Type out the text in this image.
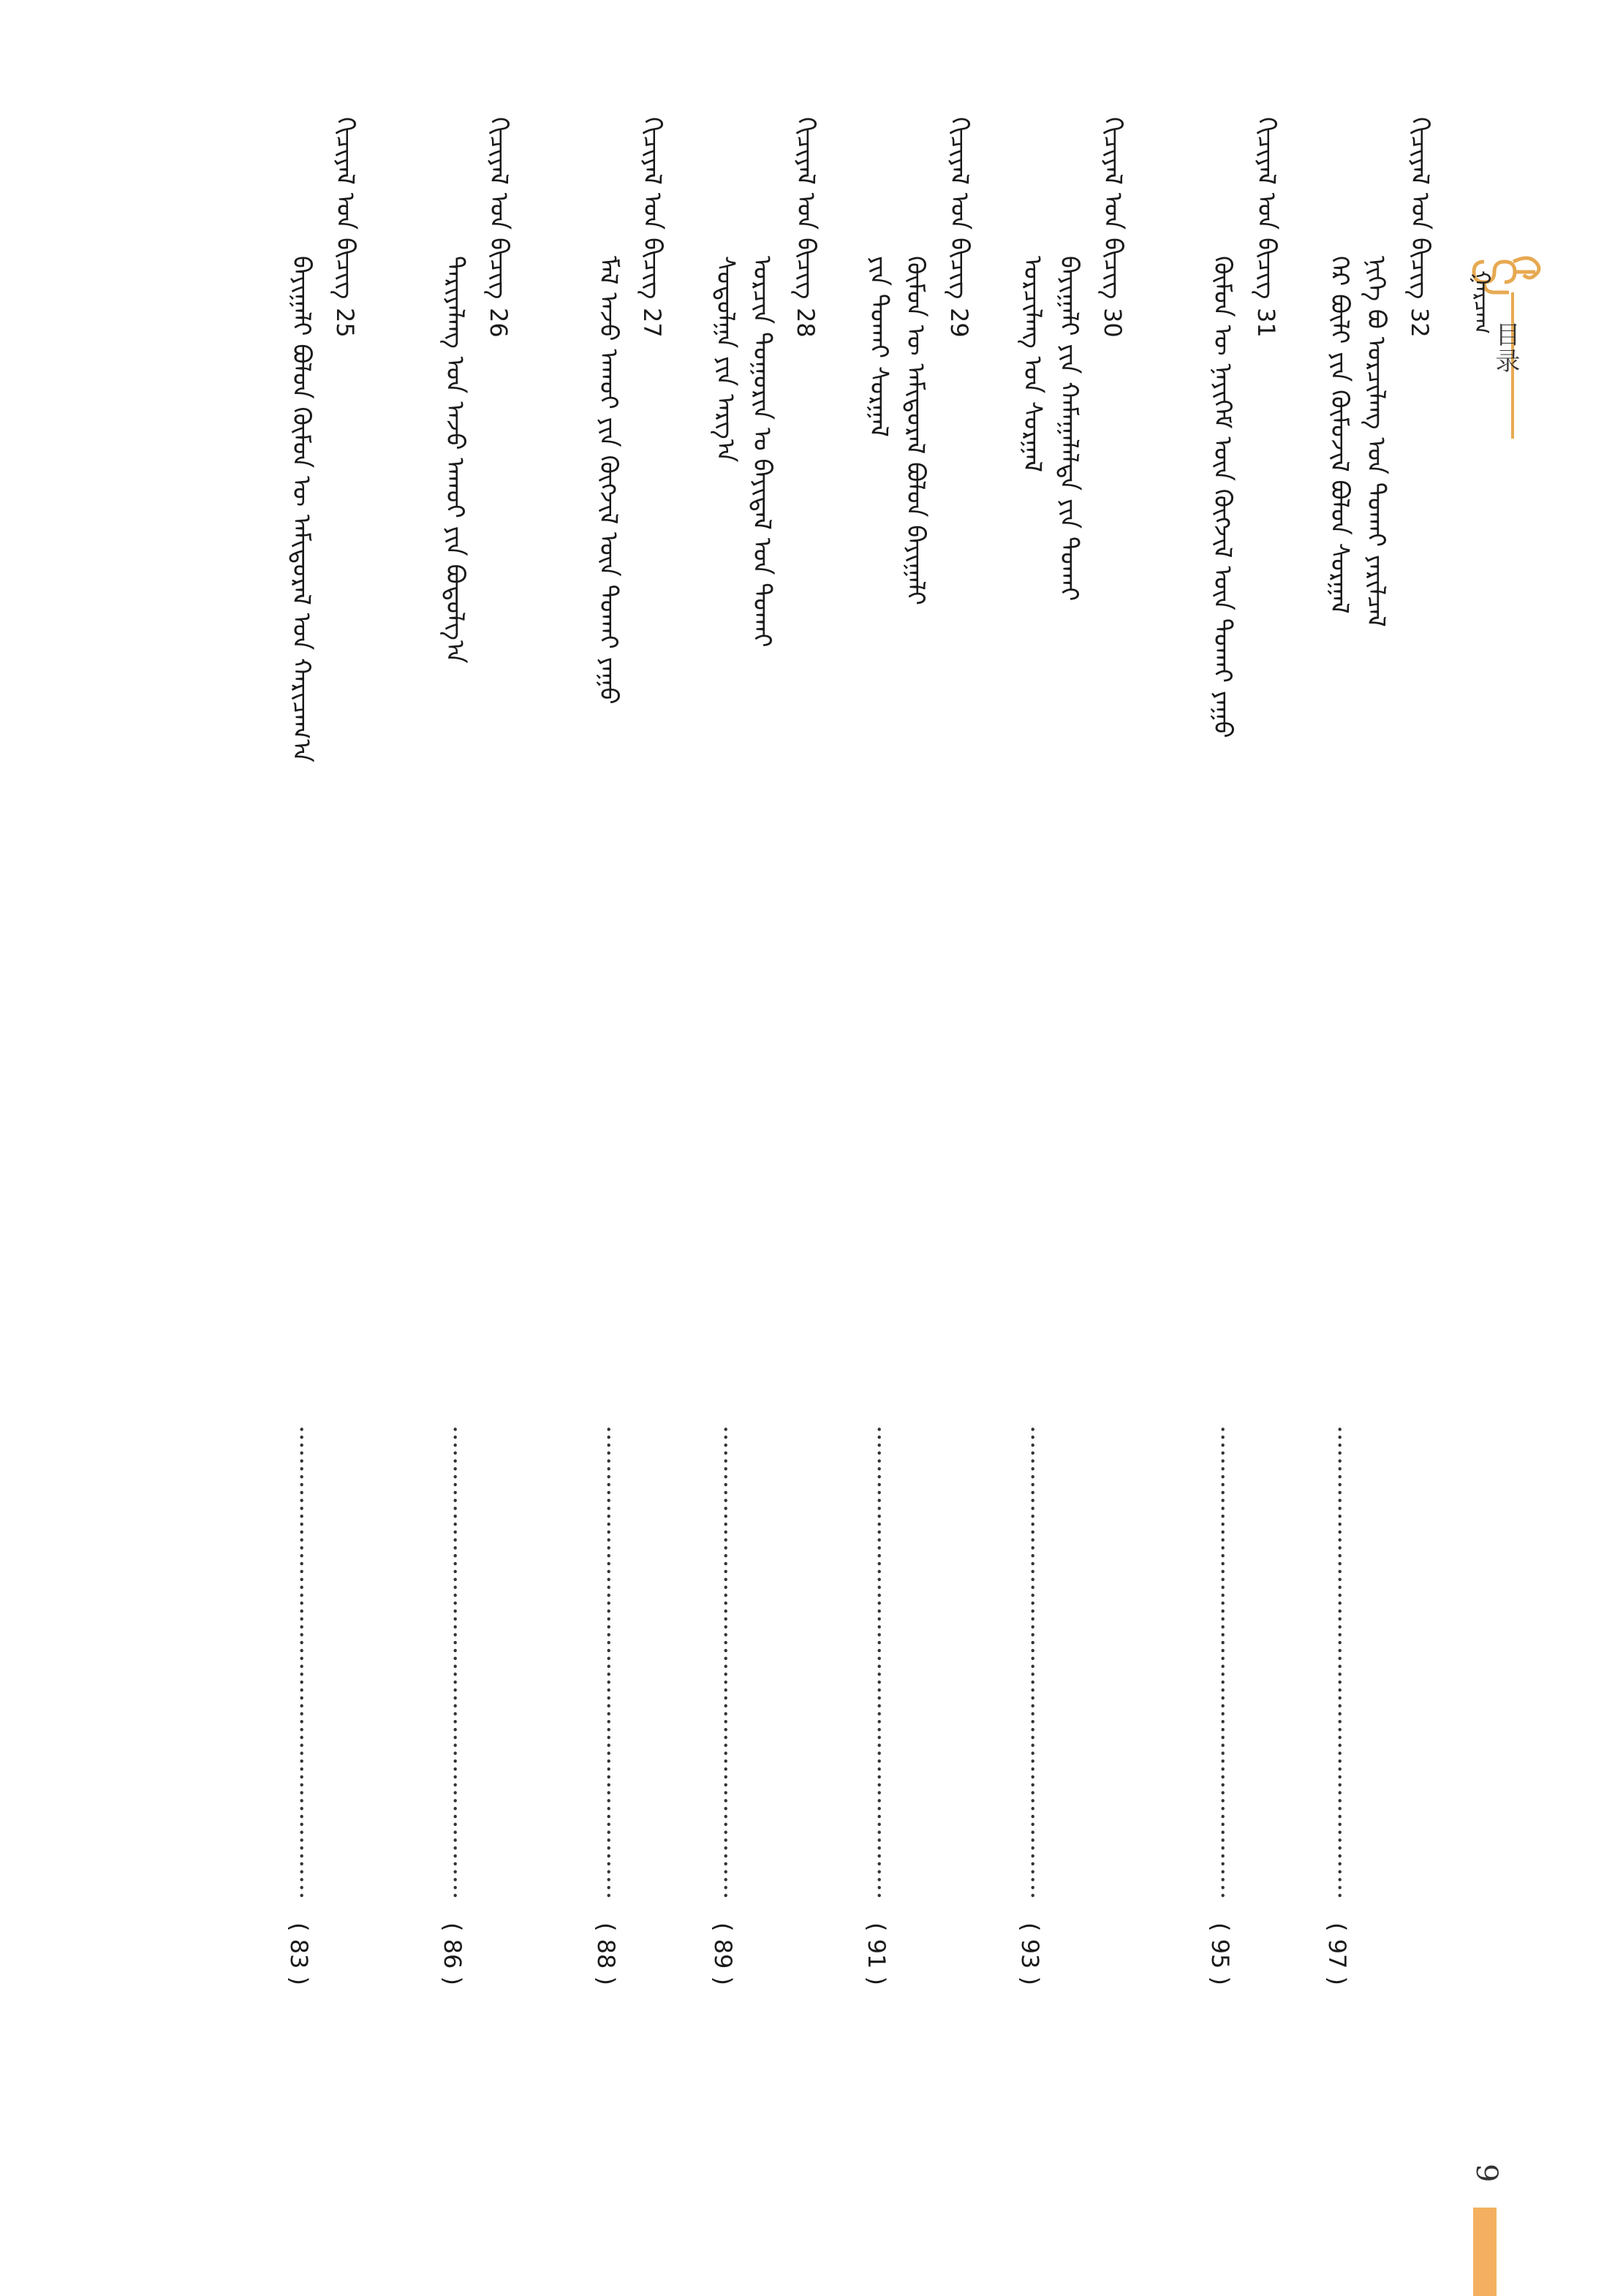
目录
ᠭᠠᠷᠴᠠᠭ
ᠬᠢᠴᠢᠶᠡᠯ ᠤᠨ ᠪᠢᠴᠢᠭ32
ᠨᠢᠭᠡ ᠪᠣ ᠣᠷᠴᠢᠯᠠᠩ ᠤᠨ ᠲᠤᠬᠠᠢ ᠶᠠᠷᠢᠯᠴᠠᠯ
ᠭᠡᠷ ᠪᠦᠯᠢ ᠶᠢᠨ ᠬᠦᠮᠦᠵᠢᠯ ᠪᠣᠯᠤᠨ ᠰᠤᠷᠭᠠᠯ
····························································
( 97 )
ᠬᠢᠴᠢᠶᠡᠯ ᠤᠨ ᠪᠢᠴᠢᠭ31
ᠬᠦᠮᠦᠨ ᠦ ᠨᠡᠶᠢᠭᠡᠮ ᠦᠨ ᠬᠦᠭᠵᠢᠯ ᠦᠨ ᠲᠤᠬᠠᠢ ᠶᠠᠭᠤ
····························································
( 95 )
ᠬᠢᠴᠢᠶᠡᠯ ᠤᠨ ᠪᠢᠴᠢᠭ30
ᠪᠠᠶᠢᠭᠠᠯᠢ ᠶᠢᠨ ᠬᠠᠮᠠᠭᠠᠯᠠᠯᠲᠠ ᠶᠢᠨ ᠲᠤᠬᠠᠢ
ᠣᠷᠴᠢᠯᠠᠩ ᠤᠨ ᠰᠤᠷᠭᠠᠯ
····························································
( 93 )
ᠬᠢᠴᠢᠶᠡᠯ ᠤᠨ ᠪᠢᠴᠢᠭ29
ᠬᠦᠮᠦᠨ ᠦ ᠠᠮᠢᠳᠤᠷᠠᠯ ᠪᠣᠯᠤᠨ ᠪᠠᠶᠢᠭᠠᠯᠢ
ᠶᠢᠨ ᠲᠤᠬᠠᠢ ᠰᠤᠷᠭᠠᠯ
····························································
( 91 )
ᠬᠢᠴᠢᠶᠡᠯ ᠤᠨ ᠪᠢᠴᠢᠭ28
ᠣᠷᠴᠢᠨ ᠲᠣᠭᠣᠷᠢᠨ ᠤ ᠪᠠᠶᠢᠳᠠᠯ ᠤᠨ ᠲᠤᠬᠠᠢ
ᠰᠤᠳᠤᠯᠭᠠ ᠶᠢᠨ ᠠᠷᠭ᠎ᠠ
····························································
( 89 )
ᠬᠢᠴᠢᠶᠡᠯ ᠤᠨ ᠪᠢᠴᠢᠭ27
ᠮᠠᠯ ᠠᠵᠤ ᠠᠬᠤᠢ ᠶᠢᠨ ᠬᠥᠭᠵᠢᠯ ᠦᠨ ᠲᠤᠬᠠᠢ ᠶᠠᠭᠤ
····························································
( 88 )
ᠬᠢᠴᠢᠶᠡᠯ ᠤᠨ ᠪᠢᠴᠢᠭ26
ᠲᠠᠷᠢᠶᠠᠯᠠᠩ ᠤᠨ ᠠᠵᠤ ᠠᠬᠤᠢ ᠶᠢᠨ ᠪᠣᠳᠤᠯᠭ᠎ᠠ
····························································
( 86 )
ᠬᠢᠴᠢᠶᠡᠯ ᠤᠨ ᠪᠢᠴᠢᠭ25
ᠪᠠᠶᠢᠭᠠᠯᠢ ᠪᠣᠯᠤᠨ ᠬᠦᠮᠦᠨ ᠦ ᠠᠮᠢᠳᠤᠷᠠᠯ ᠤᠨ ᠬᠠᠷᠢᠴᠠᠭ᠎ᠠ
····························································
( 83 )
9
